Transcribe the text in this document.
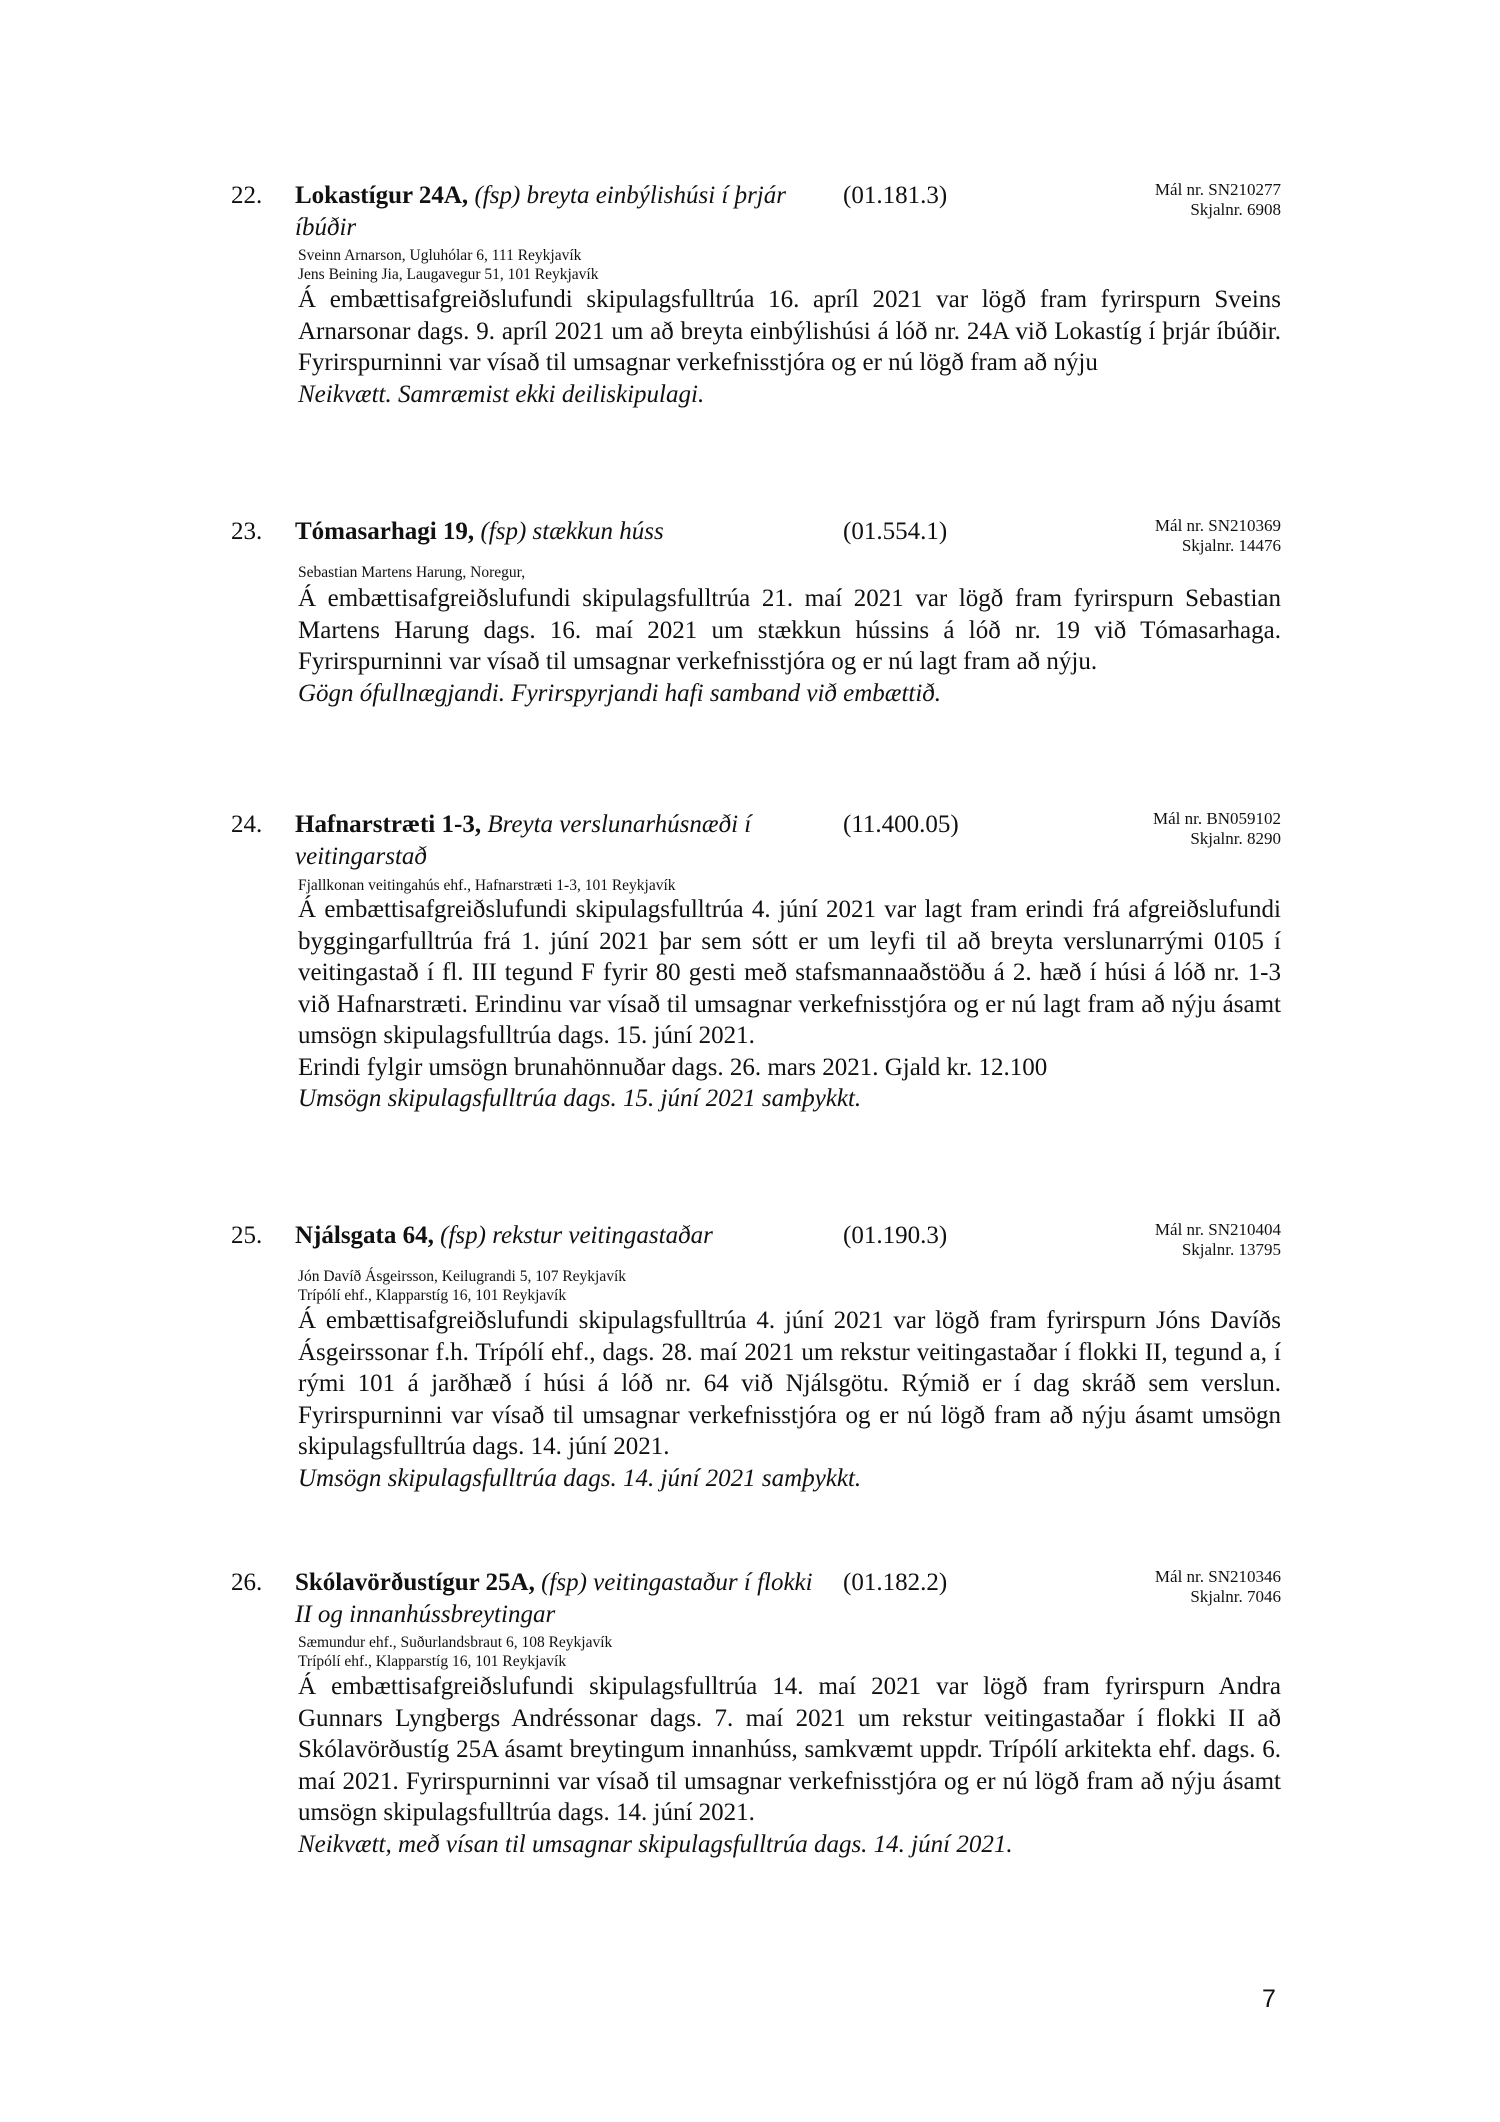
22. Lokastígur 24A, (fsp) breyta einbýlishúsi í þrjár íbúðir
(01.181.3)	Mál nr. SN210277
Skjalnr. 6908
Sveinn Arnarson, Ugluhólar 6, 111 Reykjavík
Jens Beining Jia, Laugavegur 51, 101 Reykjavík

Á embættisafgreiðslufundi skipulagsfulltrúa 16. apríl 2021 var lögð fram fyrirspurn Sveins Arnarsonar dags. 9. apríl 2021 um að breyta einbýlishúsi á lóð nr. 24A við Lokastíg í þrjár íbúðir. Fyrirspurninni var vísað til umsagnar verkefnisstjóra og er nú lögð fram að nýju

Neikvætt. Samræmist ekki deiliskipulagi.

23. Tómasarhagi 19, (fsp) stækkun húss	(01.554.1)	Mál nr. SN210369
Skjalnr. 14476
Sebastian Martens Harung, Noregur,

Á embættisafgreiðslufundi skipulagsfulltrúa 21. maí 2021 var lögð fram fyrirspurn Sebastian Martens Harung dags. 16. maí 2021 um stækkun hússins á lóð nr. 19 við Tómasarhaga. Fyrirspurninni var vísað til umsagnar verkefnisstjóra og er nú lagt fram að nýju.

Gögn ófullnægjandi. Fyrirspyrjandi hafi samband við embættið.

24. Hafnarstræti 1-3, Breyta verslunarhúsnæði í veitingarstað
(11.400.05)	Mál nr. BN059102
Skjalnr. 8290
Fjallkonan veitingahús ehf., Hafnarstræti 1-3, 101 Reykjavík

Á embættisafgreiðslufundi skipulagsfulltrúa 4. júní 2021 var lagt fram erindi frá afgreiðslufundi byggingarfulltrúa frá 1. júní 2021 þar sem sótt er um leyfi til að breyta verslunarrými 0105 í veitingastað í fl. III tegund F fyrir 80 gesti með stafsmannaaðstöðu á 2. hæð í húsi á lóð nr. 1-3 við Hafnarstræti. Erindinu var vísað til umsagnar verkefnisstjóra og er nú lagt fram að nýju ásamt umsögn skipulagsfulltrúa dags. 15. júní 2021.

Erindi fylgir umsögn brunahönnuðar dags. 26. mars 2021. Gjald kr. 12.100

Umsögn skipulagsfulltrúa dags. 15. júní 2021 samþykkt.

25. Njálsgata 64, (fsp) rekstur veitingastaðar	(01.190.3)	Mál nr. SN210404
Skjalnr. 13795
Jón Davíð Ásgeirsson, Keilugrandi 5, 107 Reykjavík
Trípólí ehf., Klapparstíg 16, 101 Reykjavík

Á embættisafgreiðslufundi skipulagsfulltrúa 4. júní 2021 var lögð fram fyrirspurn Jóns Davíðs Ásgeirssonar f.h. Trípólí ehf., dags. 28. maí 2021 um rekstur veitingastaðar í flokki II, tegund a, í rými 101 á jarðhæð í húsi á lóð nr. 64 við Njálsgötu. Rýmið er í dag skráð sem verslun. Fyrirspurninni var vísað til umsagnar verkefnisstjóra og er nú lögð fram að nýju ásamt umsögn skipulagsfulltrúa dags. 14. júní 2021.

Umsögn skipulagsfulltrúa dags. 14. júní 2021 samþykkt.

26. Skólavörðustígur 25A, (fsp) veitingastaður í flokki II og innanhússbreytingar
(01.182.2)	Mál nr. SN210346
Skjalnr. 7046
Sæmundur ehf., Suðurlandsbraut 6, 108 Reykjavík
Trípólí ehf., Klapparstíg 16, 101 Reykjavík

Á embættisafgreiðslufundi skipulagsfulltrúa 14. maí 2021 var lögð fram fyrirspurn Andra Gunnars Lyngbergs Andréssonar dags. 7. maí 2021 um rekstur veitingastaðar í flokki II að Skólavörðustíg 25A ásamt breytingum innanhúss, samkvæmt uppdr. Trípólí arkitekta ehf. dags. 6. maí 2021. Fyrirspurninni var vísað til umsagnar verkefnisstjóra og er nú lögð fram að nýju ásamt umsögn skipulagsfulltrúa dags. 14. júní 2021.

Neikvætt, með vísan til umsagnar skipulagsfulltrúa dags. 14. júní 2021.

7
